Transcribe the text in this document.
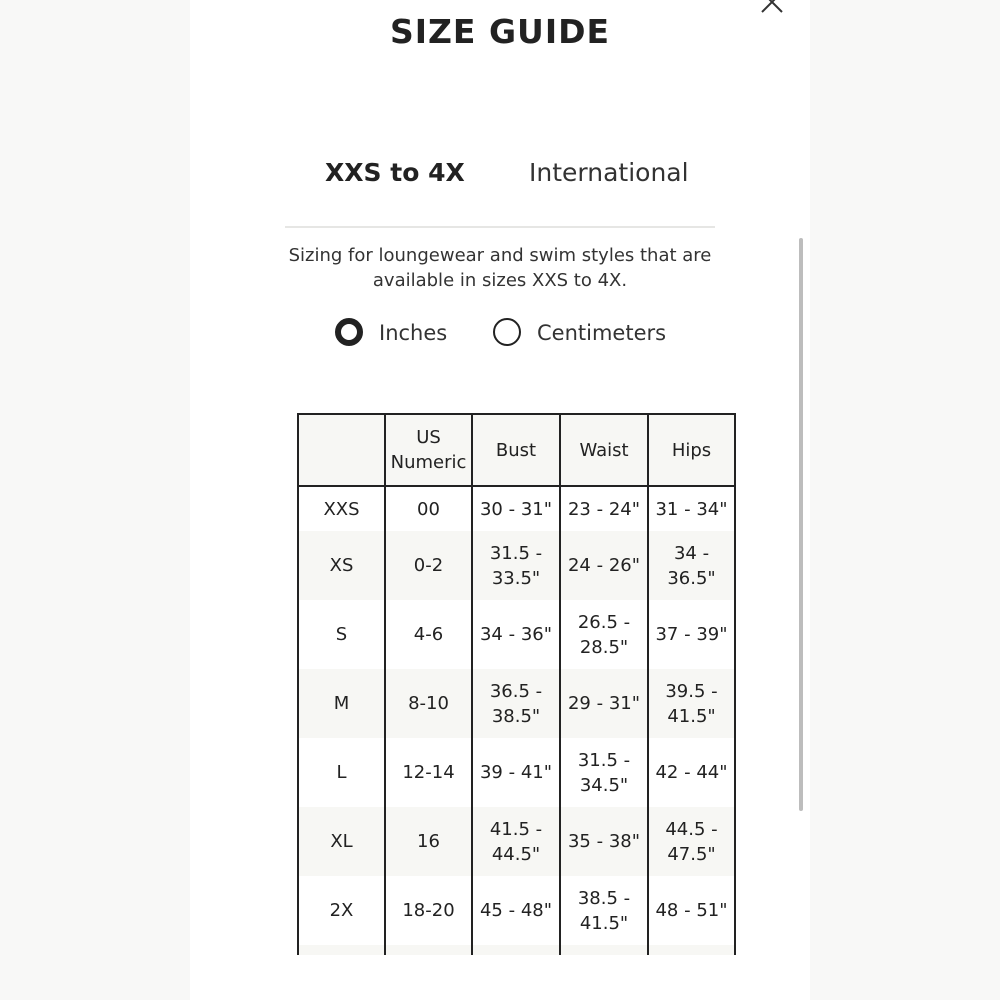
SIZE GUIDE
XXS to 4X	International
Sizing for loungewear and swim styles that are available in sizes XXS to 4X.
Inches	Centimeters
	US Numeric	Bust	Waist	Hips
XXS	00	30 - 31"	23 - 24"	31 - 34"
XS	0-2	31.5 - 33.5"	24 - 26"	34 - 36.5"
S	4-6	34 - 36"	26.5 - 28.5"	37 - 39"
M	8-10	36.5 - 38.5"	29 - 31"	39.5 - 41.5"
L	12-14	39 - 41"	31.5 - 34.5"	42 - 44"
XL	16	41.5 - 44.5"	35 - 38"	44.5 - 47.5"
2X	18-20	45 - 48"	38.5 - 41.5"	48 - 51"
